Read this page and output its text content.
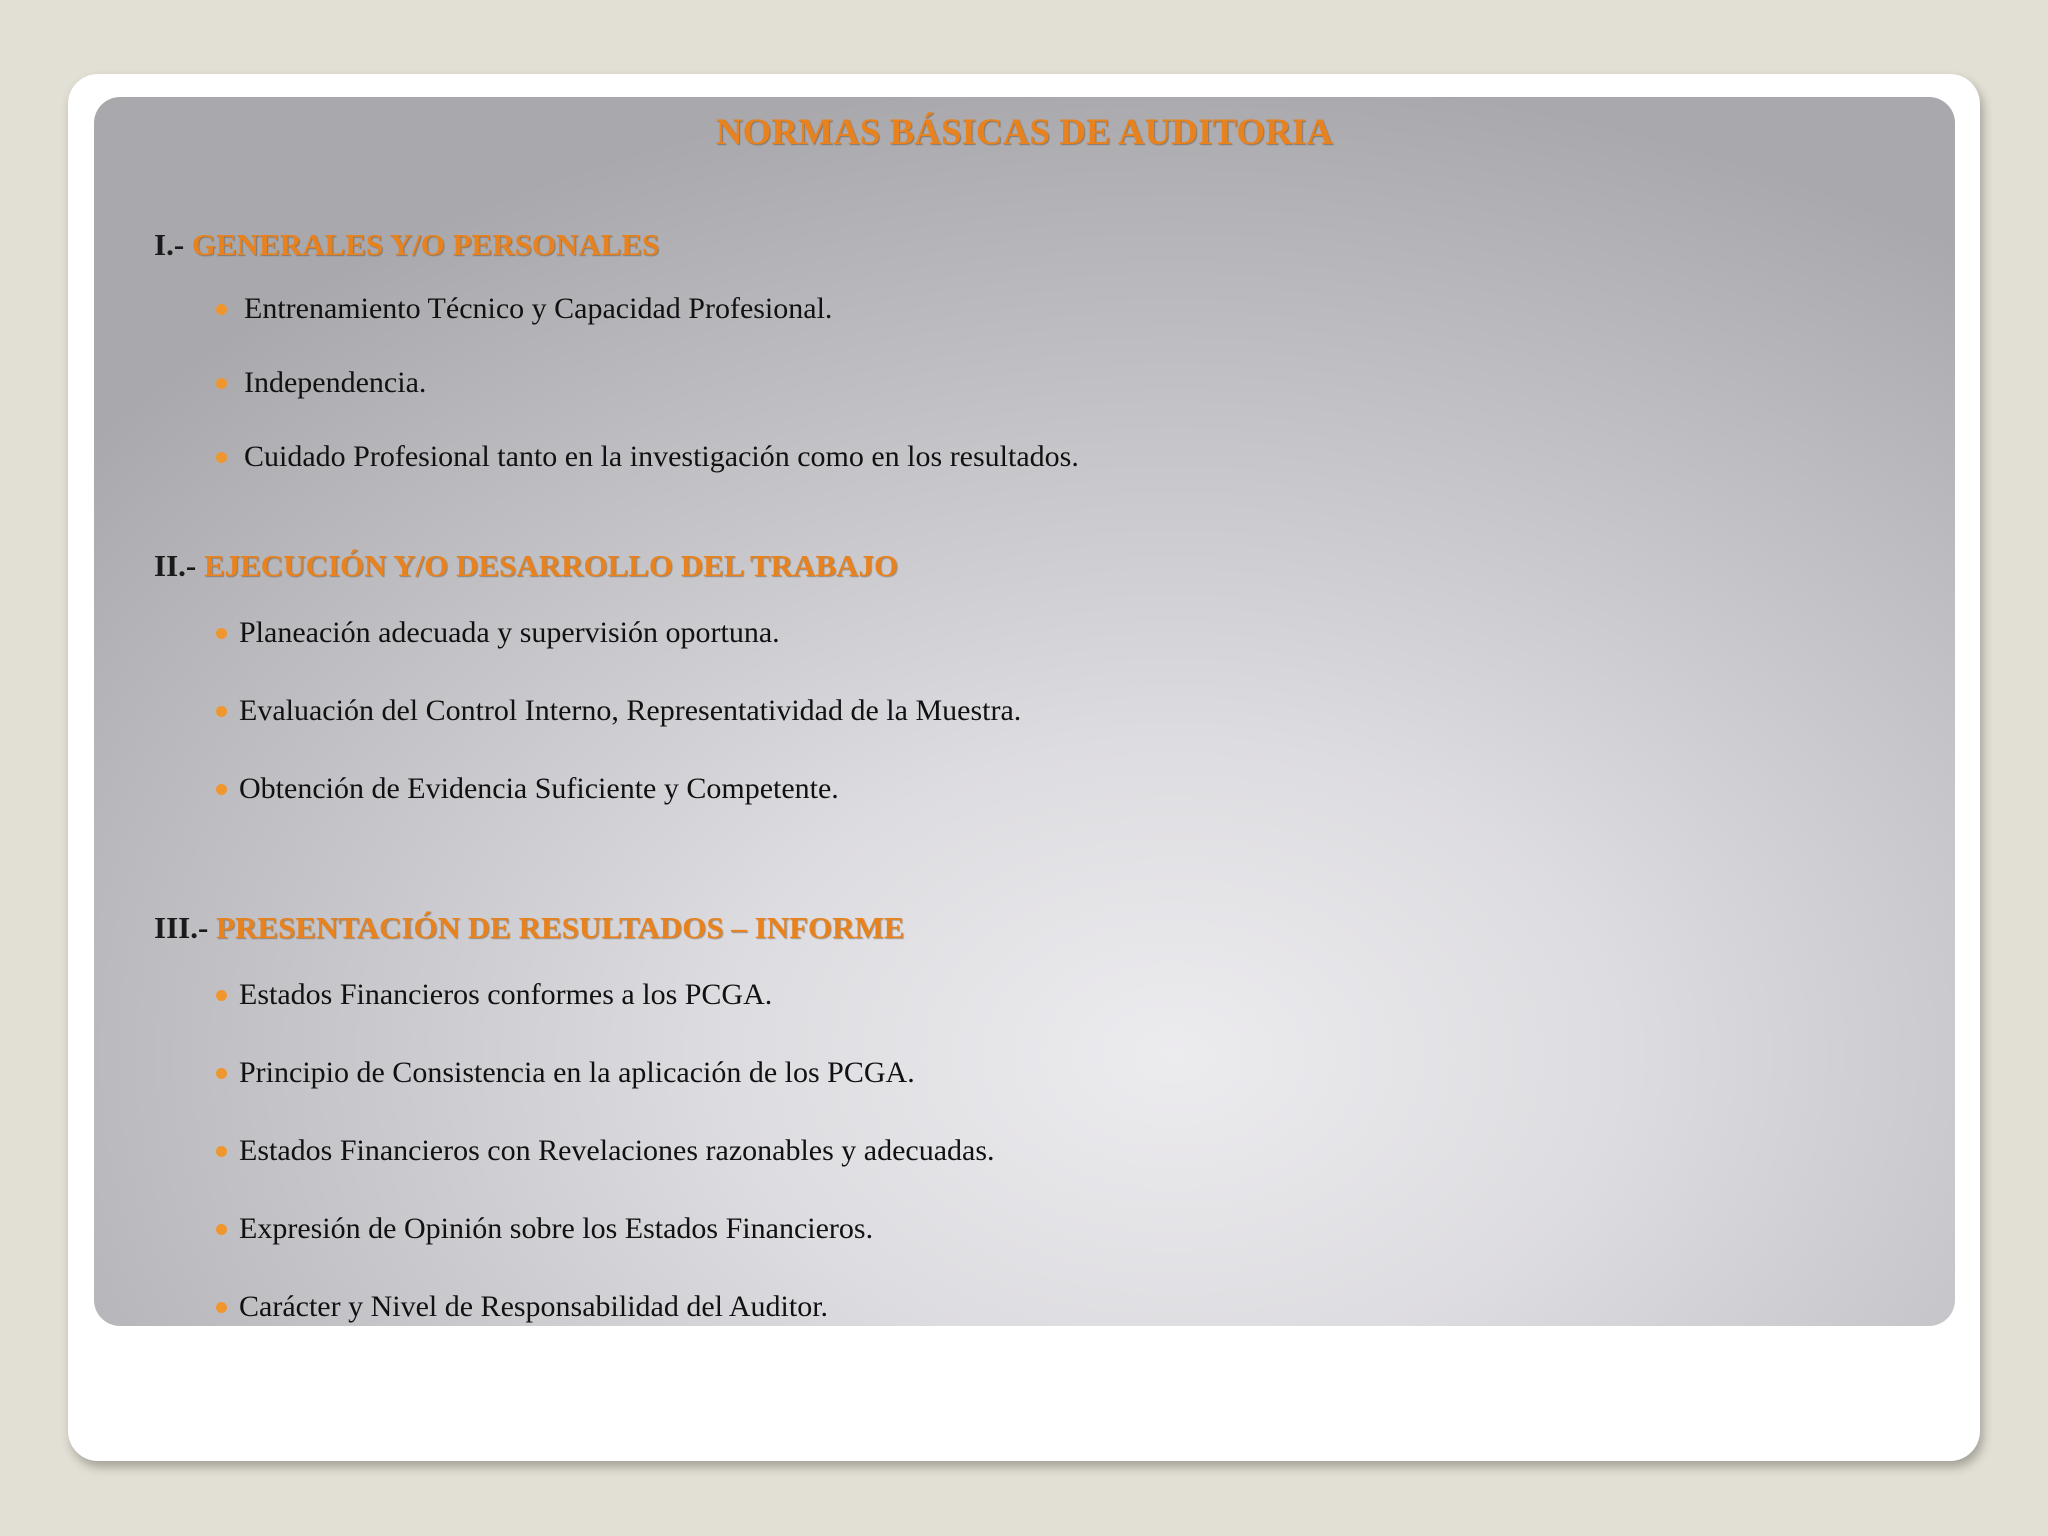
NORMAS BÁSICAS DE AUDITORIA
I.- GENERALES Y/O PERSONALES
Entrenamiento Técnico y Capacidad Profesional.
Independencia.
Cuidado Profesional tanto en la investigación como en los resultados.
II.- EJECUCIÓN Y/O DESARROLLO DEL TRABAJO
Planeación adecuada y supervisión oportuna.
Evaluación del Control Interno, Representatividad de la Muestra.
Obtención de Evidencia Suficiente y Competente.
III.- PRESENTACIÓN DE RESULTADOS – INFORME
Estados Financieros conformes a los PCGA.
Principio de Consistencia en la aplicación de los PCGA.
Estados Financieros con Revelaciones razonables y adecuadas.
Expresión de Opinión sobre los Estados Financieros.
Carácter y Nivel de Responsabilidad del Auditor.
